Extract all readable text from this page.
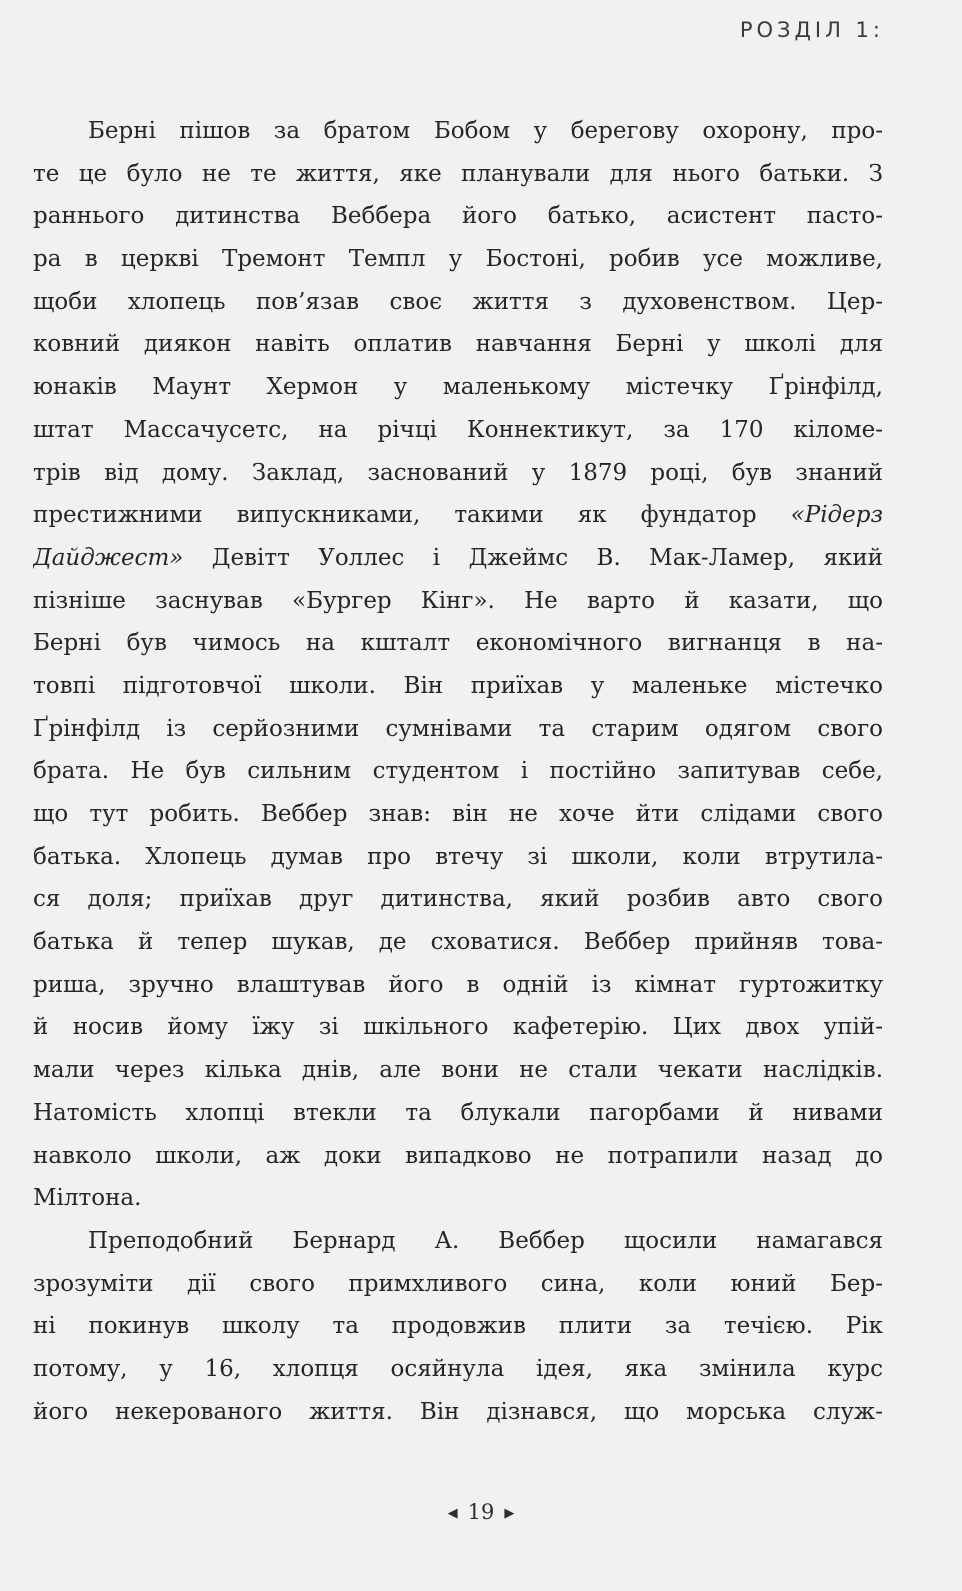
РОЗДІЛ 1:
Берні пішов за братом Бобом у берегову охорону, про-
те це було не те життя, яке планували для нього батьки. З
раннього дитинства Веббера його батько, асистент пасто-
ра в церкві Тремонт Темпл у Бостоні, робив усе можливе,
щоби хлопець пов’язав своє життя з духовенством. Цер-
ковний диякон навіть оплатив навчання Берні у школі для
юнаків Маунт Хермон у маленькому містечку Ґрінфілд,
штат Массачусетс, на річці Коннектикут, за 170 кіломе-
трів від дому. Заклад, заснований у 1879 році, був знаний
престижними випускниками, такими як фундатор «Рідерз
Дайджест» Девітт Уоллес і Джеймс В. Мак-Ламер, який
пізніше заснував «Бургер Кінг». Не варто й казати, що
Берні був чимось на кшталт економічного вигнанця в на-
товпі підготовчої школи. Він приїхав у маленьке містечко
Ґрінфілд із серйозними сумнівами та старим одягом свого
брата. Не був сильним студентом і постійно запитував себе,
що тут робить. Веббер знав: він не хоче йти слідами свого
батька. Хлопець думав про втечу зі школи, коли втрутила-
ся доля; приїхав друг дитинства, який розбив авто свого
батька й тепер шукав, де сховатися. Веббер прийняв това-
риша, зручно влаштував його в одній із кімнат гуртожитку
й носив йому їжу зі шкільного кафетерію. Цих двох упій-
мали через кілька днів, але вони не стали чекати наслідків.
Натомість хлопці втекли та блукали пагорбами й нивами
навколо школи, аж доки випадково не потрапили назад до
Мілтона.
Преподобний Бернард А. Веббер щосили намагався
зрозуміти дії свого примхливого сина, коли юний Бер-
ні покинув школу та продовжив плити за течією. Рік
потому, у 16, хлопця осяйнула ідея, яка змінила курс
його некерованого життя. Він дізнався, що морська служ-
◀ 19 ▶
